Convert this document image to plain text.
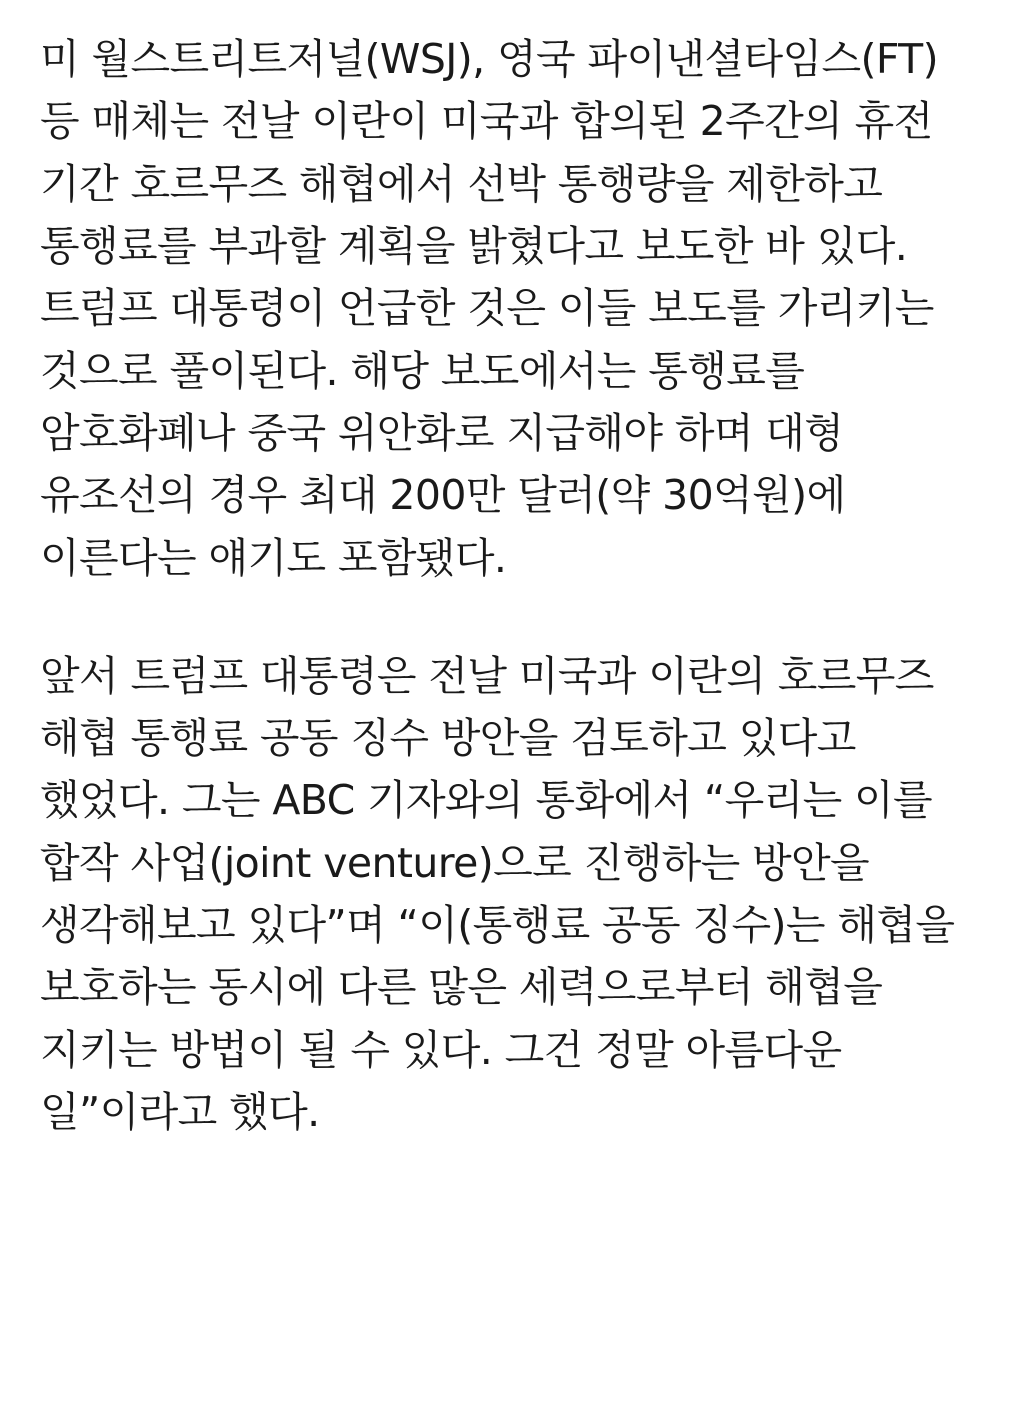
미 월스트리트저널(WSJ), 영국 파이낸셜타임스(FT) 등 매체는 전날 이란이 미국과 합의된 2주간의 휴전 기간 호르무즈 해협에서 선박 통행량을 제한하고 통행료를 부과할 계획을 밝혔다고 보도한 바 있다. 트럼프 대통령이 언급한 것은 이들 보도를 가리키는 것으로 풀이된다. 해당 보도에서는 통행료를 암호화폐나 중국 위안화로 지급해야 하며 대형 유조선의 경우 최대 200만 달러(약 30억원)에 이른다는 얘기도 포함됐다.

앞서 트럼프 대통령은 전날 미국과 이란의 호르무즈 해협 통행료 공동 징수 방안을 검토하고 있다고 했었다. 그는 ABC 기자와의 통화에서 “우리는 이를 합작 사업(joint venture)으로 진행하는 방안을 생각해보고 있다”며 “이(통행료 공동 징수)는 해협을 보호하는 동시에 다른 많은 세력으로부터 해협을 지키는 방법이 될 수 있다. 그건 정말 아름다운 일”이라고 했다.
